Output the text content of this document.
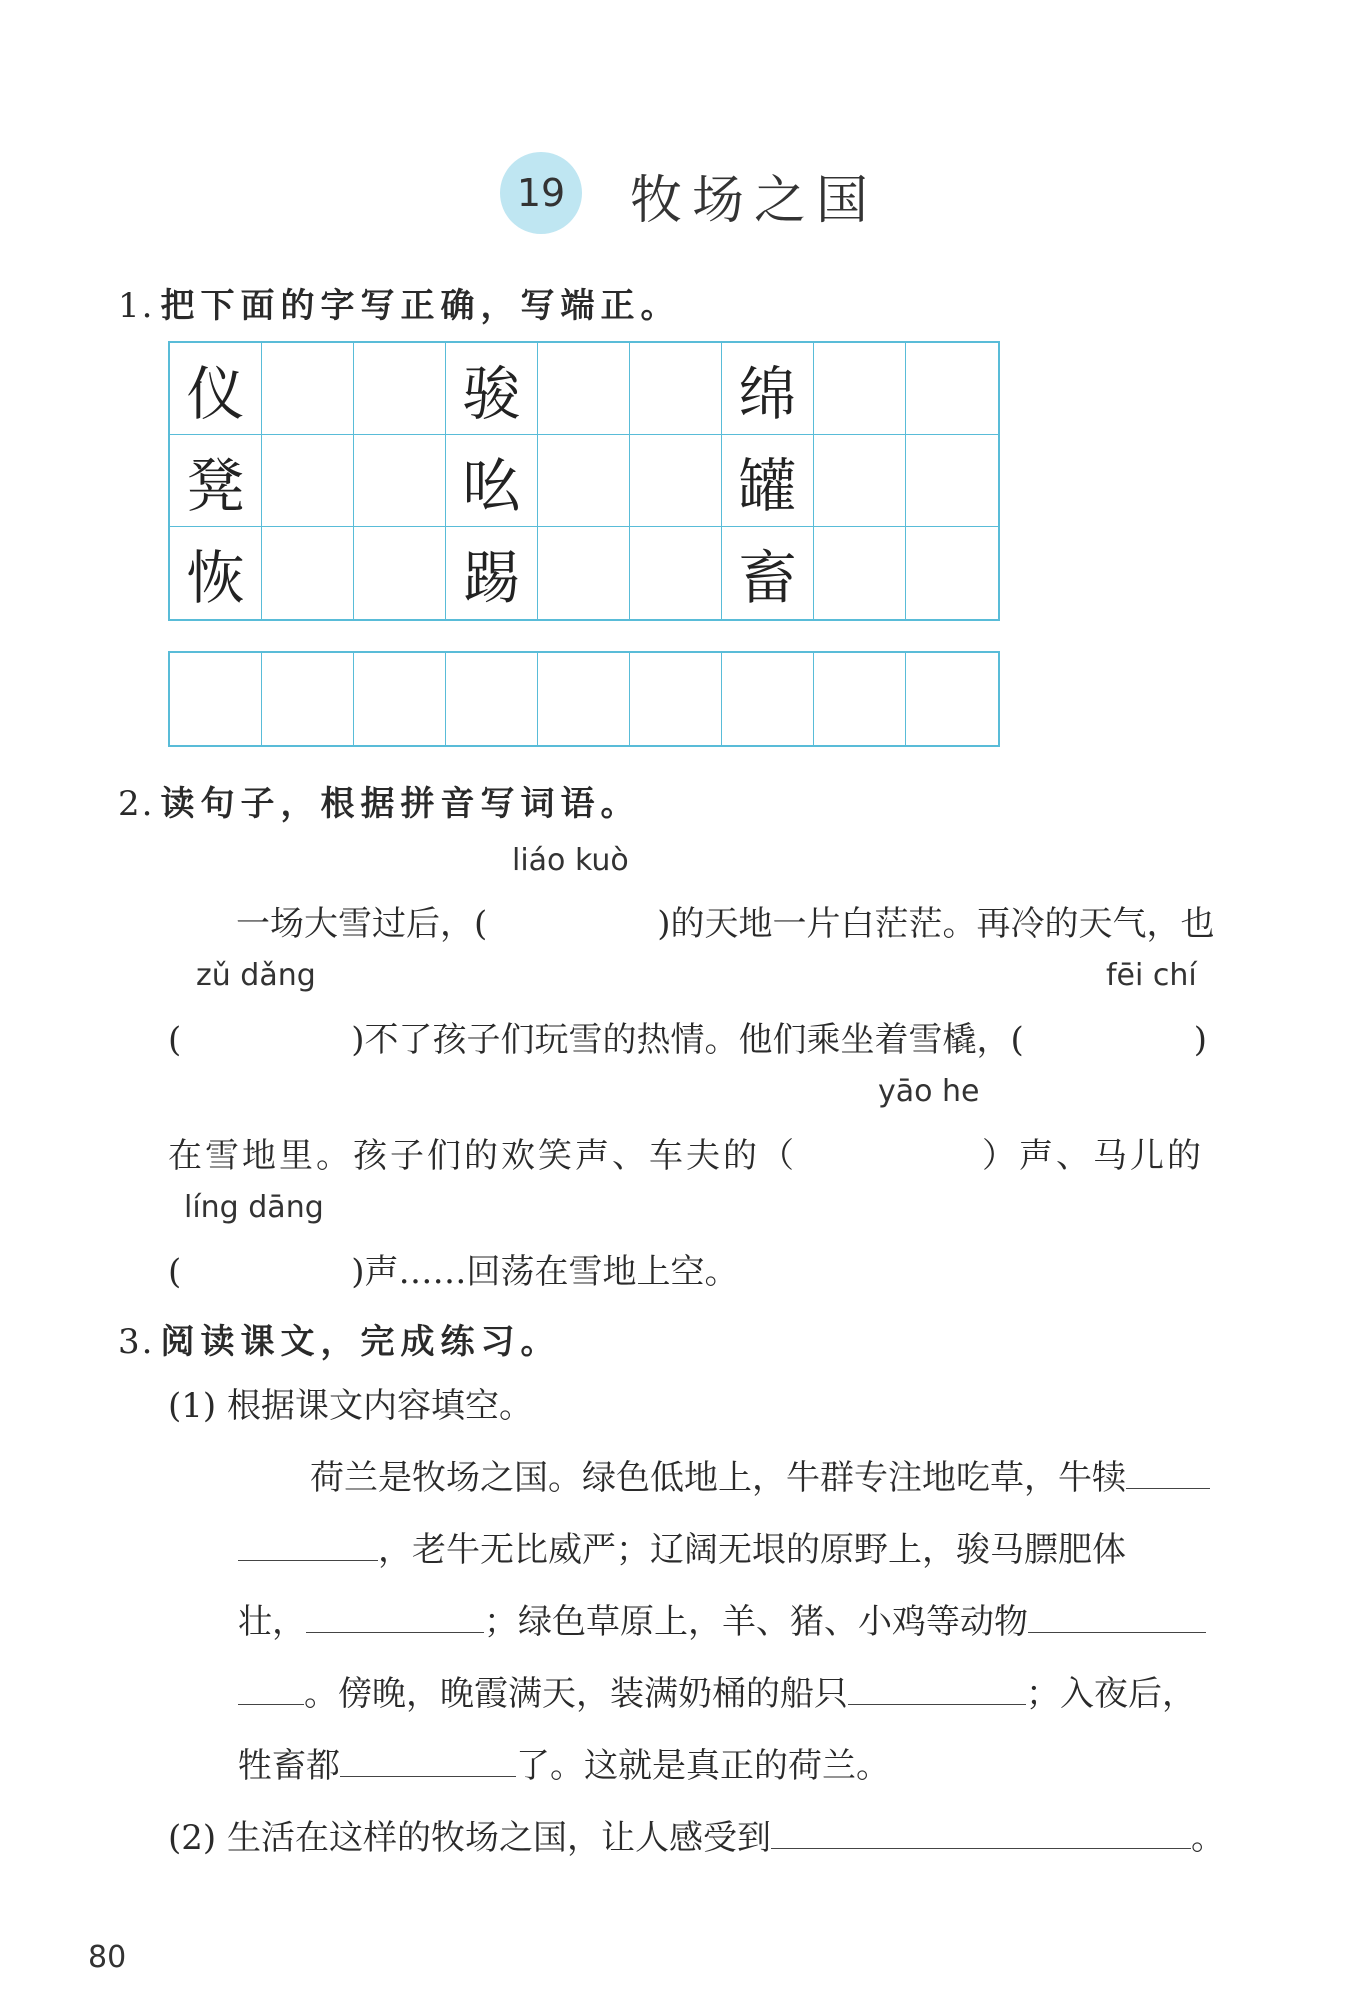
19 牧场之国
1. 把下面的字写正确，写端正。
仪	骏	绵
凳	吆	罐
恢	踢	畜
2. 读句子，根据拼音写词语。
liáo kuò
一场大雪过后，(　　　　　)的天地一片白茫茫。再冷的天气，也
zǔ dǎng	fēi chí
(　　　　　)不了孩子们玩雪的热情。他们乘坐着雪橇，(　　　　　)
yāo he
在雪地里。孩子们的欢笑声、车夫的（　　　　　）声、马儿的
líng dāng
(　　　　　)声……回荡在雪地上空。
3. 阅读课文，完成练习。
(1) 根据课文内容填空。
荷兰是牧场之国。绿色低地上，牛群专注地吃草，牛犊
，老牛无比威严；辽阔无垠的原野上，骏马膘肥体
壮，	；绿色草原上，羊、猪、小鸡等动物
。傍晚，晚霞满天，装满奶桶的船只	；入夜后，
牲畜都	了。这就是真正的荷兰。
(2) 生活在这样的牧场之国，让人感受到	。
80
